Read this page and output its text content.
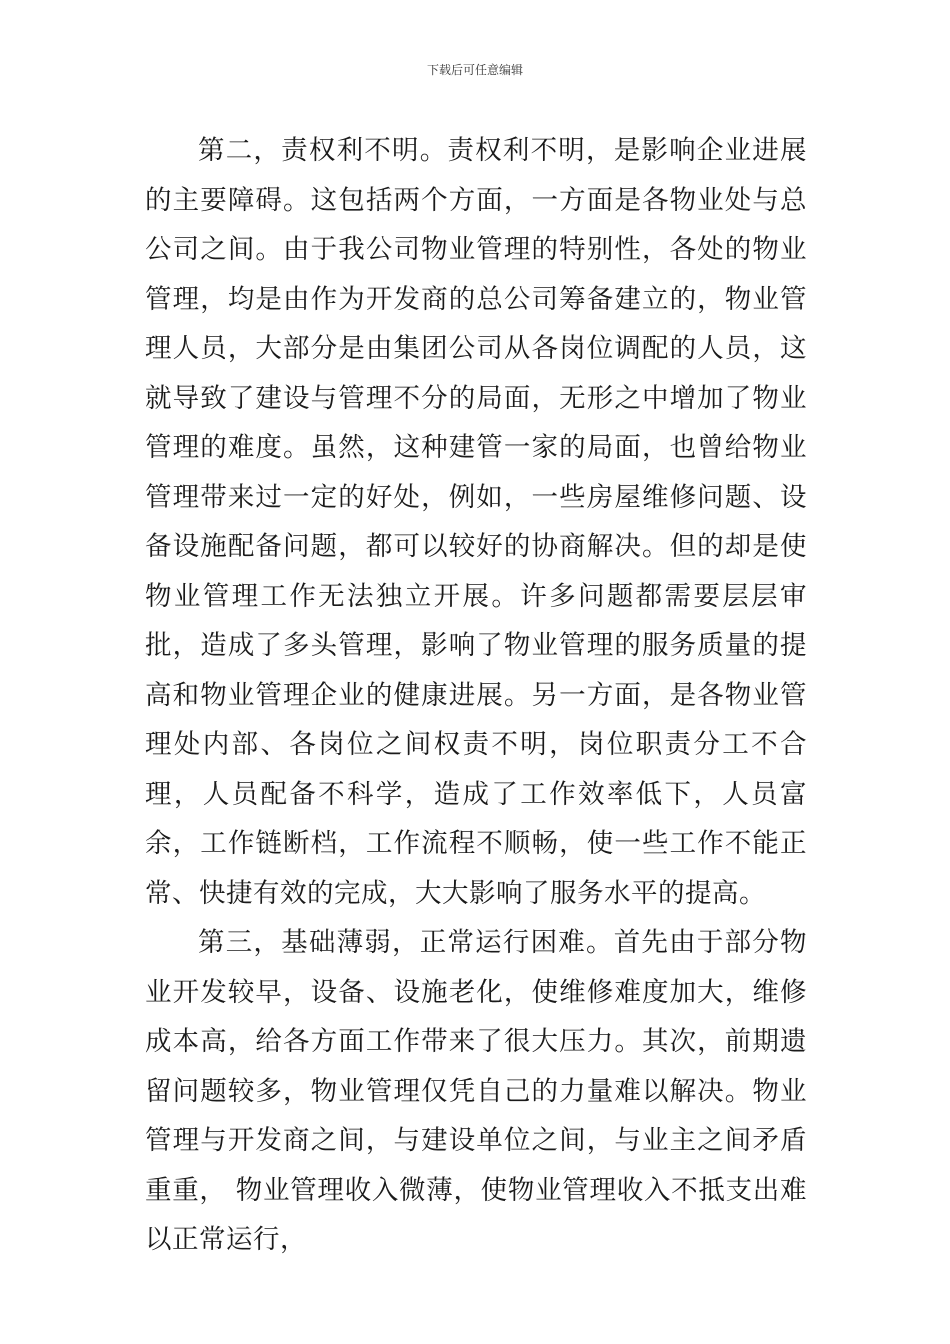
下载后可任意编辑

第二，责权利不明。责权利不明，是影响企业进展的主要障碍。这包括两个方面，一方面是各物业处与总公司之间。由于我公司物业管理的特别性，各处的物业管理，均是由作为开发商的总公司筹备建立的，物业管理人员，大部分是由集团公司从各岗位调配的人员，这就导致了建设与管理不分的局面，无形之中增加了物业管理的难度。虽然，这种建管一家的局面，也曾给物业管理带来过一定的好处，例如，一些房屋维修问题、设备设施配备问题，都可以较好的协商解决。但的却是使物业管理工作无法独立开展。许多问题都需要层层审批，造成了多头管理，影响了物业管理的服务质量的提高和物业管理企业的健康进展。另一方面，是各物业管理处内部、各岗位之间权责不明，岗位职责分工不合理，人员配备不科学，造成了工作效率低下，人员富余，工作链断档，工作流程不顺畅，使一些工作不能正常、快捷有效的完成，大大影响了服务水平的提高。

第三，基础薄弱，正常运行困难。首先由于部分物业开发较早，设备、设施老化，使维修难度加大，维修成本高，给各方面工作带来了很大压力。其次，前期遗留问题较多，物业管理仅凭自己的力量难以解决。物业管理与开发商之间，与建设单位之间，与业主之间矛盾重重， 物业管理收入微薄，使物业管理收入不抵支出难以正常运行，
